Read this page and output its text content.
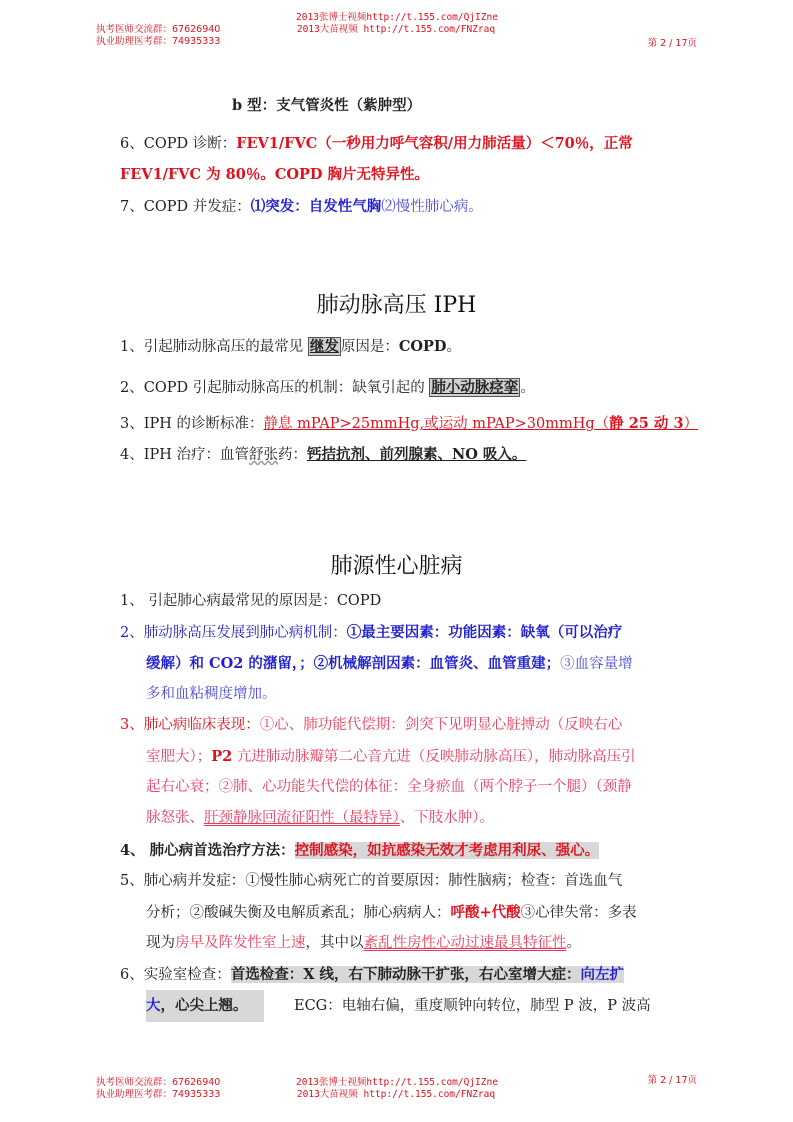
执考医师交流群：67626940
执业助理医考群：74935333
2013张博士视频http://t.155.com/QjIZne
2013大苗视频 http://t.155.com/FNZraq
第 2 / 17页
b 型：支气管炎性（紫肿型）
6、COPD 诊断：FEV1/FVC（一秒用力呼气容积/用力肺活量）＜70％，正常
FEV1/FVC 为 80％。COPD 胸片无特异性。
7、COPD 并发症：⑴突发：自发性气胸⑵慢性肺心病。
肺动脉高压 IPH
1、引起肺动脉高压的最常见 继发 原因是：COPD。
2、COPD 引起肺动脉高压的机制：缺氧引起的 肺小动脉痉挛 。
3、IPH 的诊断标准：静息 mPAP>25mmHg,或运动 mPAP>30mmHg（静 25 动 3）
4、IPH 治疗：血管舒张药：钙拮抗剂、前列腺素、NO 吸入。
肺源性心脏病
1、 引起肺心病最常见的原因是：COPD
2、肺动脉高压发展到肺心病机制：①最主要因素：功能因素：缺氧（可以治疗
缓解）和 CO2 的潴留，；②机械解剖因素：血管炎、血管重建；③血容量增
多和血粘稠度增加。
3、肺心病临床表现：①心、肺功能代偿期：剑突下见明显心脏搏动（反映右心
室肥大）；P2 亢进肺动脉瓣第二心音亢进（反映肺动脉高压），肺动脉高压引
起右心衰；②肺、心功能失代偿的体征：全身瘀血（两个脖子一个腿）（颈静
脉怒张、肝颈静脉回流征阳性（最特异）、下肢水肿）。
4、 肺心病首选治疗方法：控制感染，如抗感染无效才考虑用利尿、强心。
5、肺心病并发症：①慢性肺心病死亡的首要原因：肺性脑病；检查：首选血气
分析；②酸碱失衡及电解质紊乱；肺心病病人：呼酸+代酸③心律失常：多表
现为房早及阵发性室上速，其中以紊乱性房性心动过速最具特征性。
6、实验室检查：首选检查：X 线，右下肺动脉干扩张，右心室增大症：向左扩
大，心尖上翘。	ECG：电轴右偏，重度顺钟向转位，肺型 P 波，P 波高
执考医师交流群：67626940
执业助理医考群：74935333
2013张博士视频http://t.155.com/QjIZne
2013大苗视频 http://t.155.com/FNZraq
第 2 / 17页
